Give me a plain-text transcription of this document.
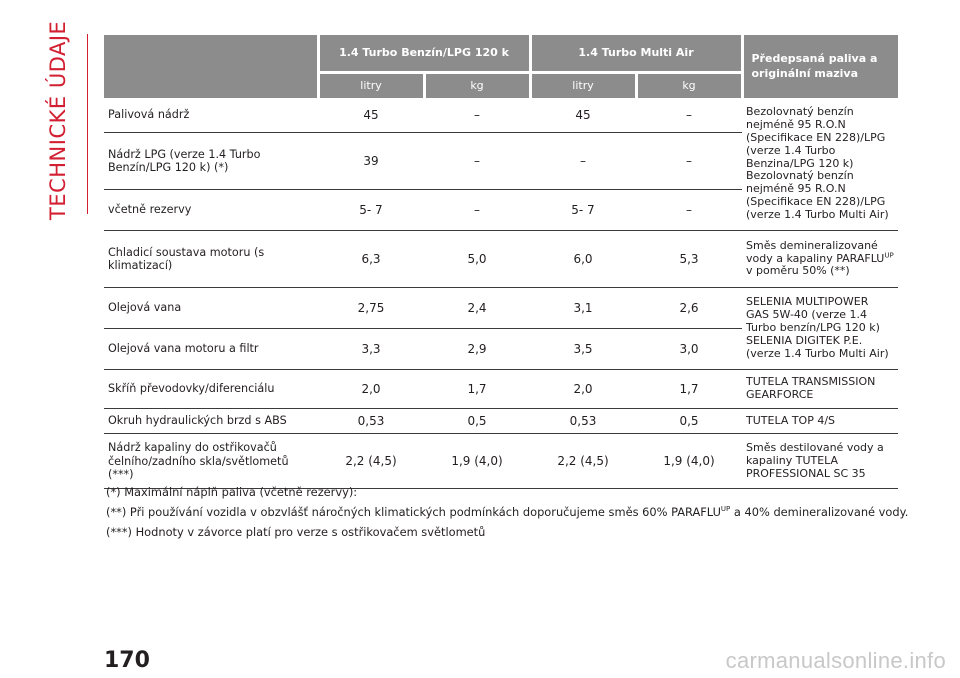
TECHNICKÉ ÚDAJE
		1.4 Turbo Benzín/LPG 120 k		1.4 Turbo Multi Air		Předepsaná paliva a originální maziva
	litry	kg	litry	kg	
Palivová nádrž	45	–	45	–	Bezolovnatý benzín nejméně 95 R.O.N (Specifikace EN 228)/LPG (verze 1.4 Turbo Benzina/LPG 120 k)
Bezolovnatý benzín nejméně 95 R.O.N (Specifikace EN 228)/LPG (verze 1.4 Turbo Multi Air)

Nádrž LPG (verze 1.4 Turbo Benzín/LPG 120 k) (*)	39	–	–	–	
včetně rezervy	5- 7	–	5- 7	–	
Chladicí soustava motoru (s klimatizací)	6,3	5,0	6,0	5,3	Směs demineralizované vody a kapaliny $PARAFLU^{UP}$
v poměru 50% (**)

Olejová vana	2,75	2,4	3,1	2,6	SELENIA MULTIPOWER GAS 5W-40 (verze 1.4 Turbo benzín/LPG 120 k)
SELENIA DIGITEK P.E. (verze 1.4 Turbo Multi Air)

Olejová vana motoru a filtr	3,3	2,9	3,5	3,0	
Skříň převodovky/diferenciálu	2,0	1,7	2,0	1,7	TUTELA TRANSMISSION GEARFORCE
Okruh hydraulických brzd s ABS	0,53	0,5	0,53	0,5	TUTELA TOP 4/S
Nádrž kapaliny do ostřikovačů čelního/zadního skla/světlometů (***)	2,2 (4,5)	1,9 (4,0)	2,2 (4,5)	1,9 (4,0)	Směs destilované vody a kapaliny TUTELA PROFESSIONAL SC 35
(*) Maximální náplň paliva (včetně rezervy):
(**) Při používání vozidla v obzvlášť náročných klimatických podmínkách doporučujeme směs 60% $PARAFLU^{UP}$ a 40% demineralizované vody.
(***) Hodnoty v závorce platí pro verze s ostřikovačem světlometů
170	carmanualsonline.info
